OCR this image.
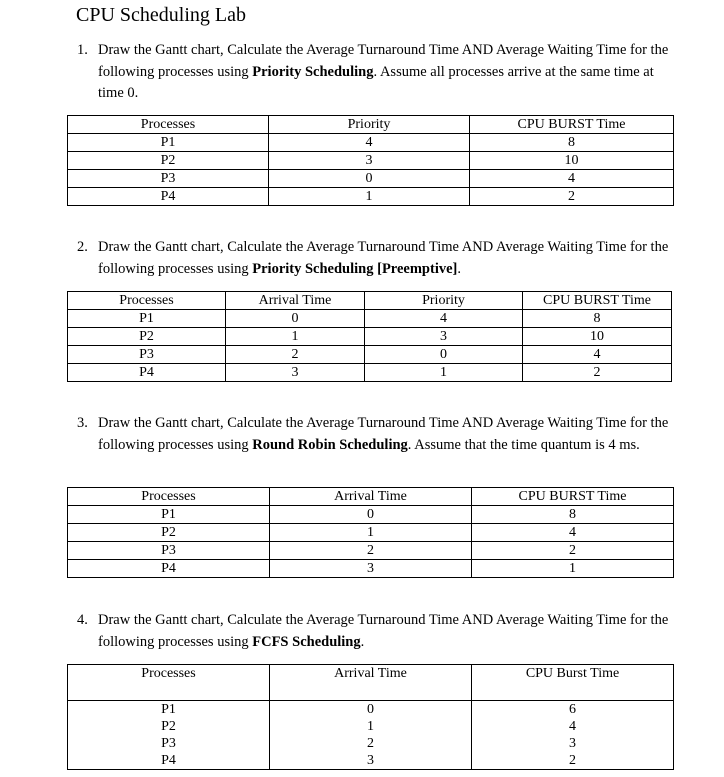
CPU Scheduling Lab
1. Draw the Gantt chart, Calculate the Average Turnaround Time AND Average Waiting Time for the following processes using Priority Scheduling. Assume all processes arrive at the same time at time 0.
Processes	Priority	CPU BURST Time
P1	4	8
P2	3	10
P3	0	4
P4	1	2
2. Draw the Gantt chart, Calculate the Average Turnaround Time AND Average Waiting Time for the following processes using Priority Scheduling [Preemptive].
Processes	Arrival Time	Priority	CPU BURST Time
P1	0	4	8
P2	1	3	10
P3	2	0	4
P4	3	1	2
3. Draw the Gantt chart, Calculate the Average Turnaround Time AND Average Waiting Time for the following processes using Round Robin Scheduling. Assume that the time quantum is 4 ms.
Processes	Arrival Time	CPU BURST Time
P1	0	8
P2	1	4
P3	2	2
P4	3	1
4. Draw the Gantt chart, Calculate the Average Turnaround Time AND Average Waiting Time for the following processes using FCFS Scheduling.
Processes	Arrival Time	CPU Burst Time
P1	0	6
P2	1	4
P3	2	3
P4	3	2
